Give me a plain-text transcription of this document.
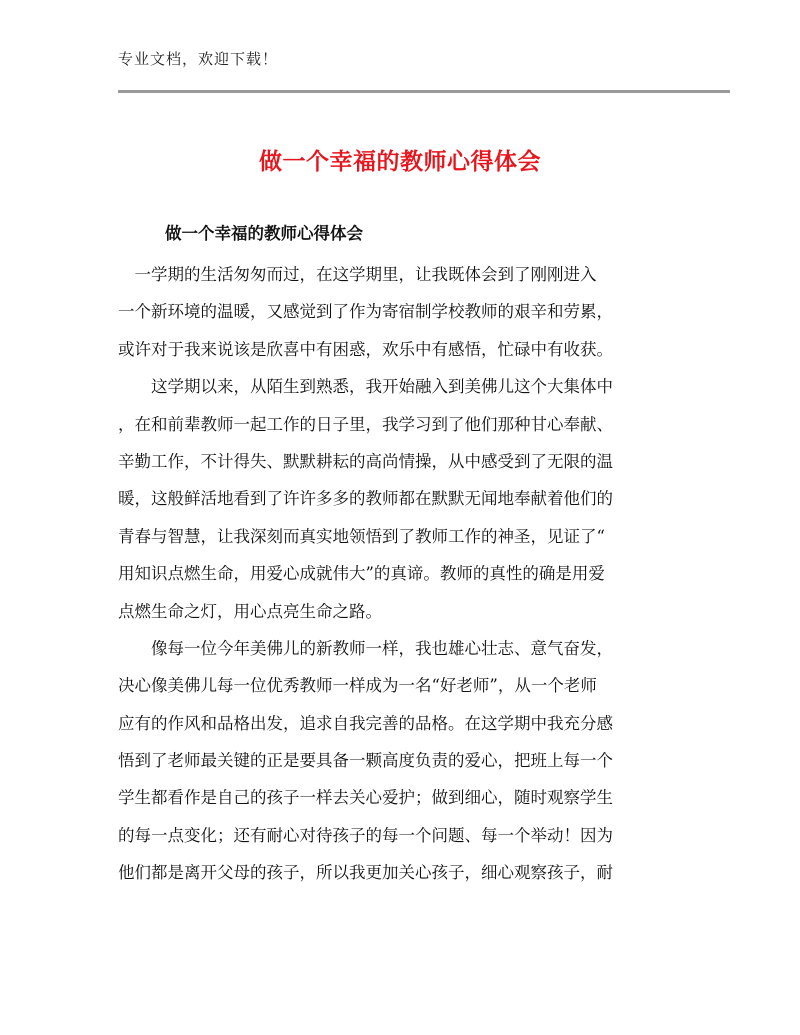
专业文档，欢迎下载！
做一个幸福的教师心得体会
做一个幸福的教师心得体会
　一学期的生活匆匆而过，在这学期里，让我既体会到了刚刚进入
一个新环境的温暖，又感觉到了作为寄宿制学校教师的艰辛和劳累，
或许对于我来说该是欣喜中有困惑，欢乐中有感悟，忙碌中有收获。
　　这学期以来，从陌生到熟悉，我开始融入到美佛儿这个大集体中
，在和前辈教师一起工作的日子里，我学习到了他们那种甘心奉献、
辛勤工作，不计得失、默默耕耘的高尚情操，从中感受到了无限的温
暖，这般鲜活地看到了许许多多的教师都在默默无闻地奉献着他们的
青春与智慧，让我深刻而真实地领悟到了教师工作的神圣，见证了“
用知识点燃生命，用爱心成就伟大”的真谛。教师的真性的确是用爱
点燃生命之灯，用心点亮生命之路。
　　像每一位今年美佛儿的新教师一样，我也雄心壮志、意气奋发，
决心像美佛儿每一位优秀教师一样成为一名“好老师”，从一个老师
应有的作风和品格出发，追求自我完善的品格。在这学期中我充分感
悟到了老师最关键的正是要具备一颗高度负责的爱心，把班上每一个
学生都看作是自己的孩子一样去关心爱护；做到细心，随时观察学生
的每一点变化；还有耐心对待孩子的每一个问题、每一个举动！因为
他们都是离开父母的孩子，所以我更加关心孩子，细心观察孩子，耐
